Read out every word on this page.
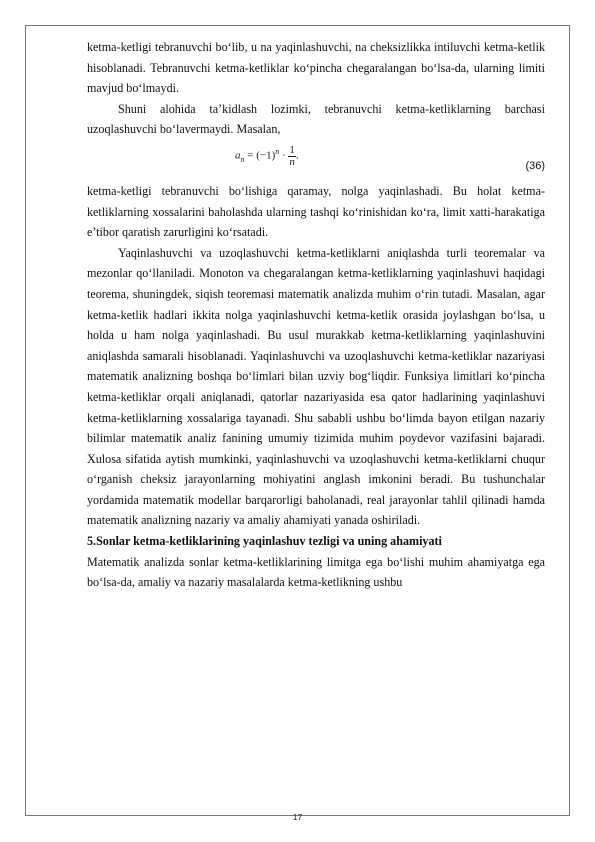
ketma-ketligi tebranuvchi bo‘lib, u na yaqinlashuvchi, na cheksizlikka intiluvchi ketma-ketlik hisoblanadi. Tebranuvchi ketma-ketliklar ko‘pincha chegaralangan bo‘lsa-da, ularning limiti mavjud bo‘lmaydi.

Shuni alohida ta’kidlash lozimki, tebranuvchi ketma-ketliklarning barchasi uzoqlashuvchi bo‘lavermaydi. Masalan,

$a_n = (-1)^n \cdot \frac{1}{n}$ .
(36)

ketma-ketligi tebranuvchi bo‘lishiga qaramay, nolga yaqinlashadi. Bu holat ketma-ketliklarning xossalarini baholashda ularning tashqi ko‘rinishidan ko‘ra, limit xatti-harakatiga e’tibor qaratish zarurligini ko‘rsatadi.

Yaqinlashuvchi va uzoqlashuvchi ketma-ketliklarni aniqlashda turli teoremalar va mezonlar qo‘llaniladi. Monoton va chegaralangan ketma-ketliklarning yaqinlashuvi haqidagi teorema, shuningdek, siqish teoremasi matematik analizda muhim o‘rin tutadi. Masalan, agar ketma-ketlik hadlari ikkita nolga yaqinlashuvchi ketma-ketlik orasida joylashgan bo‘lsa, u holda u ham nolga yaqinlashadi. Bu usul murakkab ketma-ketliklarning yaqinlashuvini aniqlashda samarali hisoblanadi. Yaqinlashuvchi va uzoqlashuvchi ketma-ketliklar nazariyasi matematik analizning boshqa bo‘limlari bilan uzviy bog‘liqdir. Funksiya limitlari ko‘pincha ketma-ketliklar orqali aniqlanadi, qatorlar nazariyasida esa qator hadlarining yaqinlashuvi ketma-ketliklarning xossalariga tayanadi. Shu sababli ushbu bo‘limda bayon etilgan nazariy bilimlar matematik analiz fanining umumiy tizimida muhim poydevor vazifasini bajaradi. Xulosa sifatida aytish mumkinki, yaqinlashuvchi va uzoqlashuvchi ketma-ketliklarni chuqur o‘rganish cheksiz jarayonlarning mohiyatini anglash imkonini beradi. Bu tushunchalar yordamida matematik modellar barqarorligi baholanadi, real jarayonlar tahlil qilinadi hamda matematik analizning nazariy va amaliy ahamiyati yanada oshiriladi.

5.Sonlar ketma-ketliklarining yaqinlashuv tezligi va uning ahamiyati

Matematik analizda sonlar ketma-ketliklarining limitga ega bo‘lishi muhim ahamiyatga ega bo‘lsa-da, amaliy va nazariy masalalarda ketma-ketlikning ushbu

17
